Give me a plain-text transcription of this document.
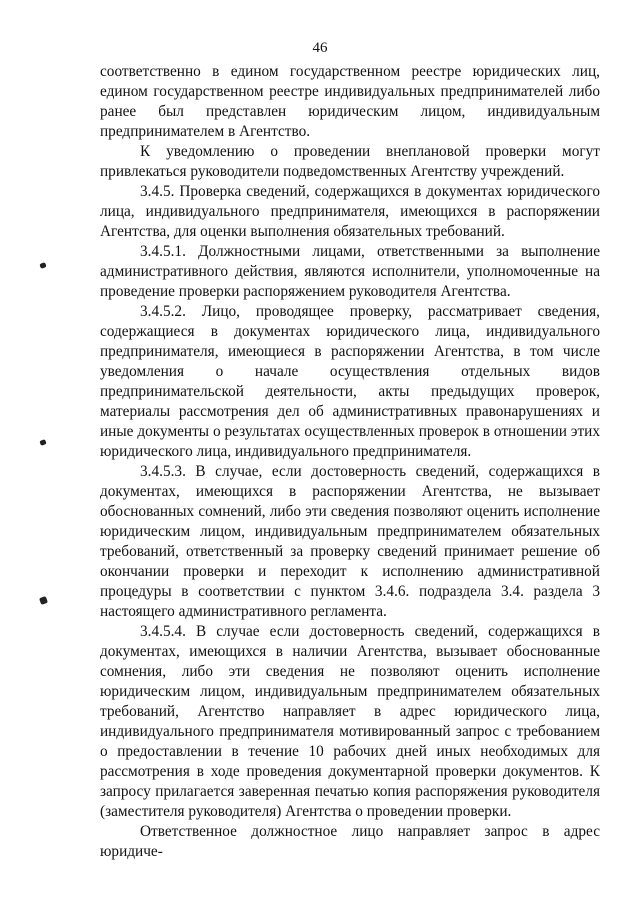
46

соответственно в едином государственном реестре юридических лиц, едином государственном реестре индивидуальных предпринимателей либо ранее был представлен юридическим лицом, индивидуальным предпринимателем в Агентство.

К уведомлению о проведении внеплановой проверки могут привлекаться руководители подведомственных Агентству учреждений.

3.4.5. Проверка сведений, содержащихся в документах юридического лица, индивидуального предпринимателя, имеющихся в распоряжении Агентства, для оценки выполнения обязательных требований.

3.4.5.1. Должностными лицами, ответственными за выполнение административного действия, являются исполнители, уполномоченные на проведение проверки распоряжением руководителя Агентства.

3.4.5.2. Лицо, проводящее проверку, рассматривает сведения, содержащиеся в документах юридического лица, индивидуального предпринимателя, имеющиеся в распоряжении Агентства, в том числе уведомления о начале осуществления отдельных видов предпринимательской деятельности, акты предыдущих проверок, материалы рассмотрения дел об административных правонарушениях и иные документы о результатах осуществленных проверок в отношении этих юридического лица, индивидуального предпринимателя.

3.4.5.3. В случае, если достоверность сведений, содержащихся в документах, имеющихся в распоряжении Агентства, не вызывает обоснованных сомнений, либо эти сведения позволяют оценить исполнение юридическим лицом, индивидуальным предпринимателем обязательных требований, ответственный за проверку сведений принимает решение об окончании проверки и переходит к исполнению административной процедуры в соответствии с пунктом 3.4.6. подраздела 3.4. раздела 3 настоящего административного регламента.

3.4.5.4. В случае если достоверность сведений, содержащихся в документах, имеющихся в наличии Агентства, вызывает обоснованные сомнения, либо эти сведения не позволяют оценить исполнение юридическим лицом, индивидуальным предпринимателем обязательных требований, Агентство направляет в адрес юридического лица, индивидуального предпринимателя мотивированный запрос с требованием о предоставлении в течение 10 рабочих дней иных необходимых для рассмотрения в ходе проведения документарной проверки документов. К запросу прилагается заверенная печатью копия распоряжения руководителя (заместителя руководителя) Агентства о проведении проверки.

Ответственное должностное лицо направляет запрос в адрес юридиче-
